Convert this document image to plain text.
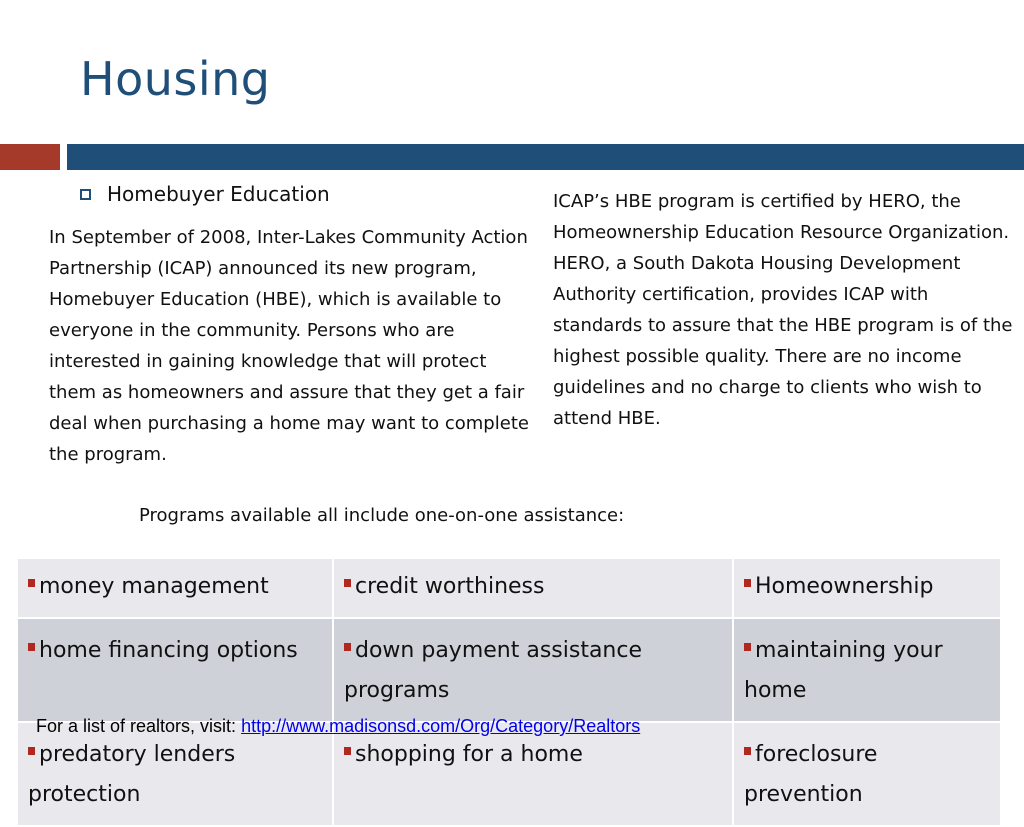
Housing
Homebuyer Education
In September of 2008, Inter-Lakes Community Action Partnership (ICAP) announced its new program, Homebuyer Education (HBE), which is available to everyone in the community. Persons who are interested in gaining knowledge that will protect them as homeowners and assure that they get a fair deal when purchasing a home may want to complete the program.
ICAP’s HBE program is certified by HERO, the Homeownership Education Resource Organization. HERO, a South Dakota Housing Development Authority certification, provides ICAP with standards to assure that the HBE program is of the highest possible quality. There are no income guidelines and no charge to clients who wish to attend HBE.
Programs available all include one-on-one assistance:
money management	credit worthiness	Homeownership
home financing options	down payment assistance programs	maintaining your home
predatory lenders protection	shopping for a home	foreclosure prevention
For a list of realtors, visit: http://www.madisonsd.com/Org/Category/Realtors
